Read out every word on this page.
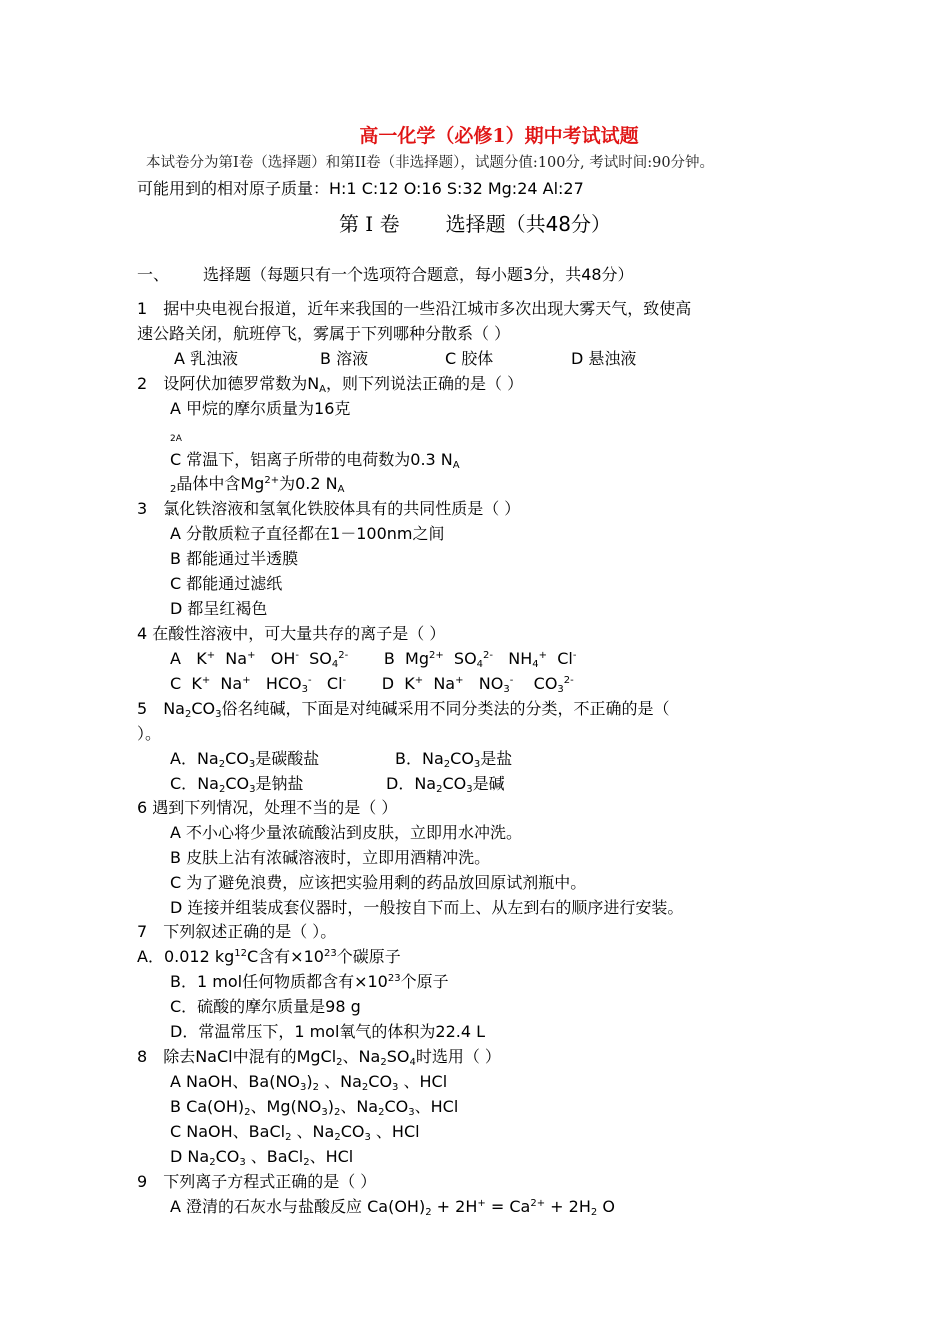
高一化学（必修1）期中考试试题
本试卷分为第I卷（选择题）和第II卷（非选择题），试题分值:100分, 考试时间:90分钟。
可能用到的相对原子质量：H:1 C:12 O:16 S:32 Mg:24 Al:27
第 I 卷 选择题（共48分）
一、 选择题（每题只有一个选项符合题意，每小题3分，共48分）
1 据中央电视台报道，近年来我国的一些沿江城市多次出现大雾天气，致使高
速公路关闭，航班停飞，雾属于下列哪种分散系（ ）
A 乳浊液	B 溶液	C 胶体	D 悬浊液
2 设阿伏加德罗常数为$N_A$，则下列说法正确的是（ ）
A 甲烷的摩尔质量为16克
2A
C 常温下，铝离子所带的电荷数为0.3 $N_A$
$_2$晶体中含$Mg^{2+}$为0.2 $N_A$
3 氯化铁溶液和氢氧化铁胶体具有的共同性质是（ ）
A 分散质粒子直径都在1－100nm之间
B 都能通过半透膜
C 都能通过滤纸
D 都呈红褐色
4 在酸性溶液中，可大量共存的离子是（ ）
A K+ Na+ OH- $SO_4^{2-}$ B $Mg^{2+}$ $SO_4^{2-}$ $NH_4^+$ Cl-
C K+ Na+ $HCO_3^-$ Cl- D K+ Na+ $NO_3^-$ $CO_3^{2-}$
5 $Na_2CO_3$俗名纯碱，下面是对纯碱采用不同分类法的分类，不正确的是（
）。
A．$Na_2CO_3$是碳酸盐	B．$Na_2CO_3$是盐
C．$Na_2CO_3$是钠盐	D．$Na_2CO_3$是碱
6 遇到下列情况，处理不当的是（ ）
A 不小心将少量浓硫酸沾到皮肤，立即用水冲洗。
B 皮肤上沾有浓碱溶液时，立即用酒精冲洗。
C 为了避免浪费，应该把实验用剩的药品放回原试剂瓶中。
D 连接并组装成套仪器时，一般按自下而上、从左到右的顺序进行安装。
7 下列叙述正确的是（ ）。
A．0.012 $kg^{12}C$含有$\times 10^{23}$个碳原子
B．1 mol任何物质都含有$\times 10^{23}$个原子
C．硫酸的摩尔质量是98 g
D．常温常压下，1 mol氧气的体积为22.4 L
8 除去NaCl中混有的MgCl$_2$、$Na_2SO_4$时选用（ ）
A NaOH、$Ba(NO_3)_2$ 、$Na_2CO_3$ 、HCl
B $Ca(OH)_2$、$Mg(NO_3)_2$、$Na_2CO_3$、HCl
C NaOH、BaCl$_2$ 、$Na_2CO_3$ 、HCl
D $Na_2CO_3$ 、BaCl$_2$、HCl
9 下列离子方程式正确的是（ ）
A 澄清的石灰水与盐酸反应 $Ca(OH)_2 + 2H^+ = Ca^{2+} + 2H_2$ O
